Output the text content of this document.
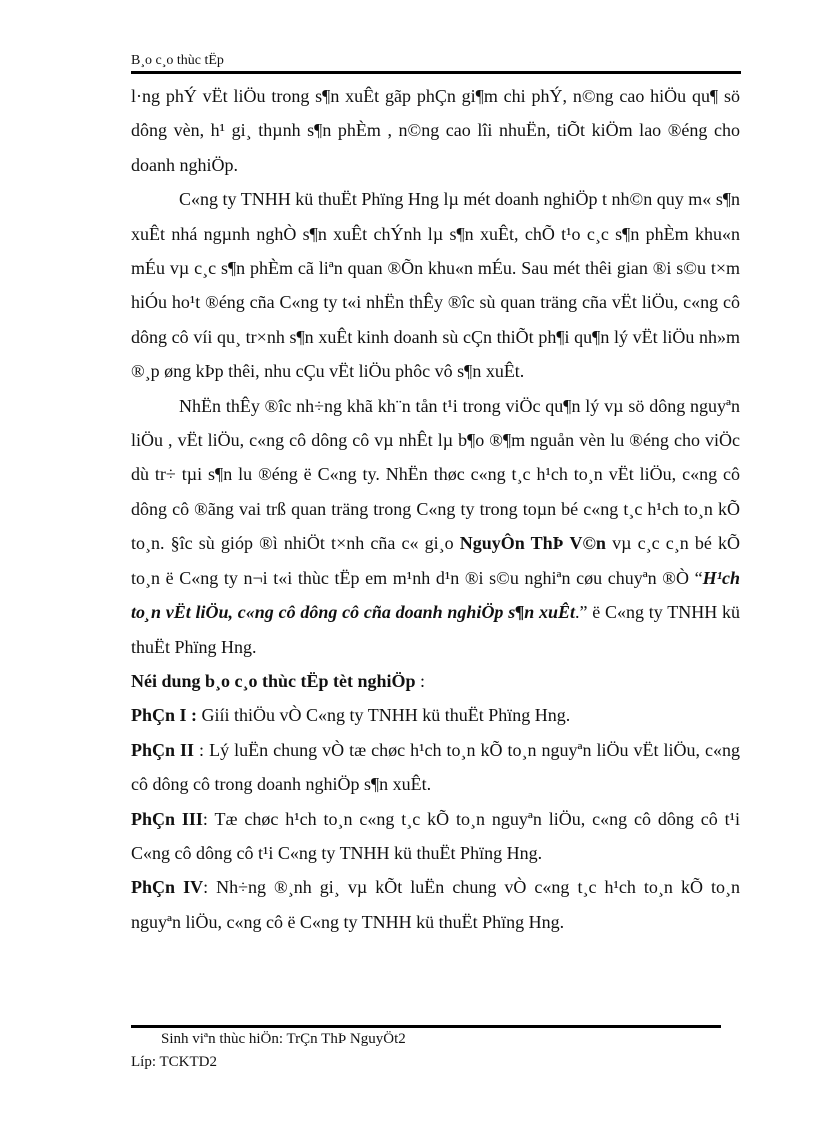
B¸o c¸o thùc tËp

l·ng phÝ vËt liÖu trong s¶n xuÊt gãp phÇn gi¶m chi phÝ, n©ng cao hiÖu qu¶ sö dông vèn, h¹ gi¸ thµnh s¶n phÈm , n©ng cao lîi nhuËn, tiÕt kiÖm lao ®éng cho doanh nghiÖp.

C«ng ty TNHH kü thuËt Phïng Hng lµ mét doanh nghiÖp t nh©n quy m« s¶n xuÊt nhá ngµnh nghÒ s¶n xuÊt chÝnh lµ s¶n xuÊt, chÕ t¹o c¸c s¶n phÈm khu«n mÉu vµ c¸c s¶n phÈm cã liªn quan ®Õn khu«n mÉu. Sau mét thêi gian ®i s©u t×m hiÓu ho¹t ®éng cña C«ng ty t«i nhËn thÊy ®îc sù quan träng cña vËt liÖu, c«ng cô dông cô víi qu¸ tr×nh s¶n xuÊt kinh doanh sù cÇn thiÕt ph¶i qu¶n lý vËt liÖu nh»m ®¸p øng kÞp thêi, nhu cÇu vËt liÖu phôc vô s¶n xuÊt.

NhËn thÊy ®îc nh÷ng khã kh¨n tån t¹i trong viÖc qu¶n lý vµ sö dông nguyªn liÖu , vËt liÖu, c«ng cô dông cô vµ nhÊt lµ b¶o ®¶m nguån vèn lu ®éng cho viÖc dù tr÷ tµi s¶n lu ®éng ë C«ng ty. NhËn thøc c«ng t¸c h¹ch to¸n vËt liÖu, c«ng cô dông cô ®ãng vai trß quan träng trong C«ng ty trong toµn bé c«ng t¸c h¹ch to¸n kÕ to¸n. §îc sù gióp ®ì nhiÖt t×nh cña c« gi¸o NguyÔn ThÞ V©n vµ c¸c c¸n bé kÕ to¸n ë C«ng ty n¬i t«i thùc tËp em m¹nh d¹n ®i s©u nghiªn cøu chuyªn ®Ò “H¹ch to¸n vËt liÖu, c«ng cô dông cô cña doanh nghiÖp s¶n xuÊt.” ë C«ng ty TNHH kü thuËt Phïng Hng.

Néi dung b¸o c¸o thùc tËp tèt nghiÖp :

PhÇn I : Giíi thiÖu vÒ C«ng ty TNHH kü thuËt Phïng Hng.

PhÇn II : Lý luËn chung vÒ tæ chøc h¹ch to¸n kÕ to¸n nguyªn liÖu vËt liÖu, c«ng cô dông cô trong doanh nghiÖp s¶n xuÊt.

PhÇn III: Tæ chøc h¹ch to¸n c«ng t¸c kÕ to¸n nguyªn liÖu, c«ng cô dông cô t¹i C«ng cô dông cô t¹i C«ng ty TNHH kü thuËt Phïng Hng.

PhÇn IV: Nh÷ng ®¸nh gi¸ vµ kÕt luËn chung vÒ c«ng t¸c h¹ch to¸n kÕ to¸n nguyªn liÖu, c«ng cô ë C«ng ty TNHH kü thuËt Phïng Hng.

Sinh viªn thùc hiÖn: TrÇn ThÞ NguyÖt2
Líp: TCKTD2
